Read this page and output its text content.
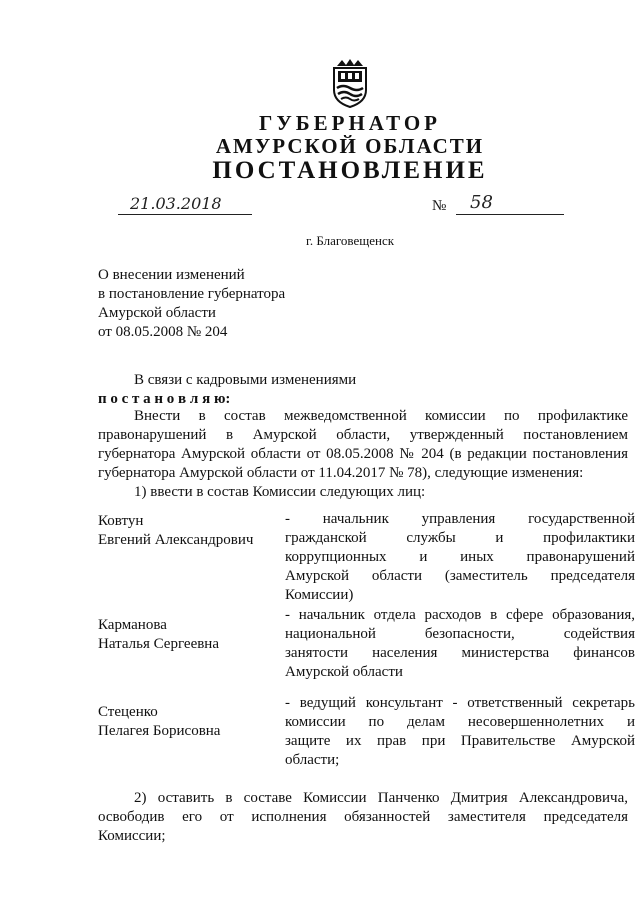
ГУБЕРНАТОР
АМУРСКОЙ ОБЛАСТИ
ПОСТАНОВЛЕНИЕ
21.03.2018	№ 58
г. Благовещенск
О внесении изменений
в постановление губернатора
Амурской области
от 08.05.2008 № 204
В связи с кадровыми изменениями
п о с т а н о в л я ю:
Внести в состав межведомственной комиссии по профилактике
правонарушений в Амурской области, утвержденный постановлением
губернатора Амурской области от 08.05.2008 № 204 (в редакции постановления
губернатора Амурской области от 11.04.2017 № 78), следующие изменения:
1) ввести в состав Комиссии следующих лиц:
Ковтун
Евгений Александрович
- начальник управления государственной
гражданской службы и профилактики
коррупционных и иных правонарушений
Амурской области (заместитель председателя
Комиссии)
Карманова
Наталья Сергеевна
- начальник отдела расходов в сфере образования,
национальной безопасности, содействия
занятости населения министерства финансов
Амурской области
Стеценко
Пелагея Борисовна
- ведущий консультант - ответственный секретарь
комиссии по делам несовершеннолетних и
защите их прав при Правительстве Амурской
области;
2) оставить в составе Комиссии Панченко Дмитрия Александровича,
освободив его от исполнения обязанностей заместителя председателя
Комиссии;
